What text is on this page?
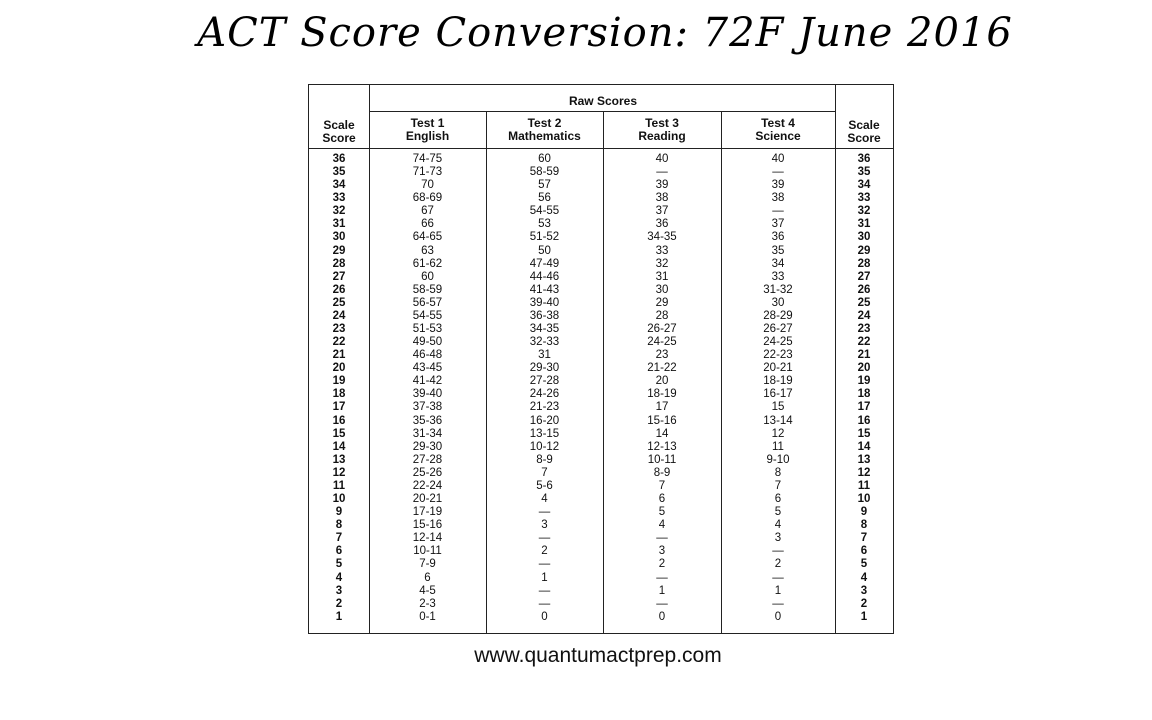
ACT Score Conversion: 72F June 2016
Raw Scores
Scale
Score
Test 1
English
Test 2
Mathematics
Test 3
Reading
Test 4
Science
Scale
Score
36	74-75	60	40	40	36
35	71-73	58-59	—	—	35
34	70	57	39	39	34
33	68-69	56	38	38	33
32	67	54-55	37	—	32
31	66	53	36	37	31
30	64-65	51-52	34-35	36	30
29	63	50	33	35	29
28	61-62	47-49	32	34	28
27	60	44-46	31	33	27
26	58-59	41-43	30	31-32	26
25	56-57	39-40	29	30	25
24	54-55	36-38	28	28-29	24
23	51-53	34-35	26-27	26-27	23
22	49-50	32-33	24-25	24-25	22
21	46-48	31	23	22-23	21
20	43-45	29-30	21-22	20-21	20
19	41-42	27-28	20	18-19	19
18	39-40	24-26	18-19	16-17	18
17	37-38	21-23	17	15	17
16	35-36	16-20	15-16	13-14	16
15	31-34	13-15	14	12	15
14	29-30	10-12	12-13	11	14
13	27-28	8-9	10-11	9-10	13
12	25-26	7	8-9	8	12
11	22-24	5-6	7	7	11
10	20-21	4	6	6	10
9	17-19	—	5	5	9
8	15-16	3	4	4	8
7	12-14	—	—	3	7
6	10-11	2	3	—	6
5	7-9	—	2	2	5
4	6	1	—	—	4
3	4-5	—	1	1	3
2	2-3	—	—	—	2
1	0-1	0	0	0	1
www.quantumactprep.com
